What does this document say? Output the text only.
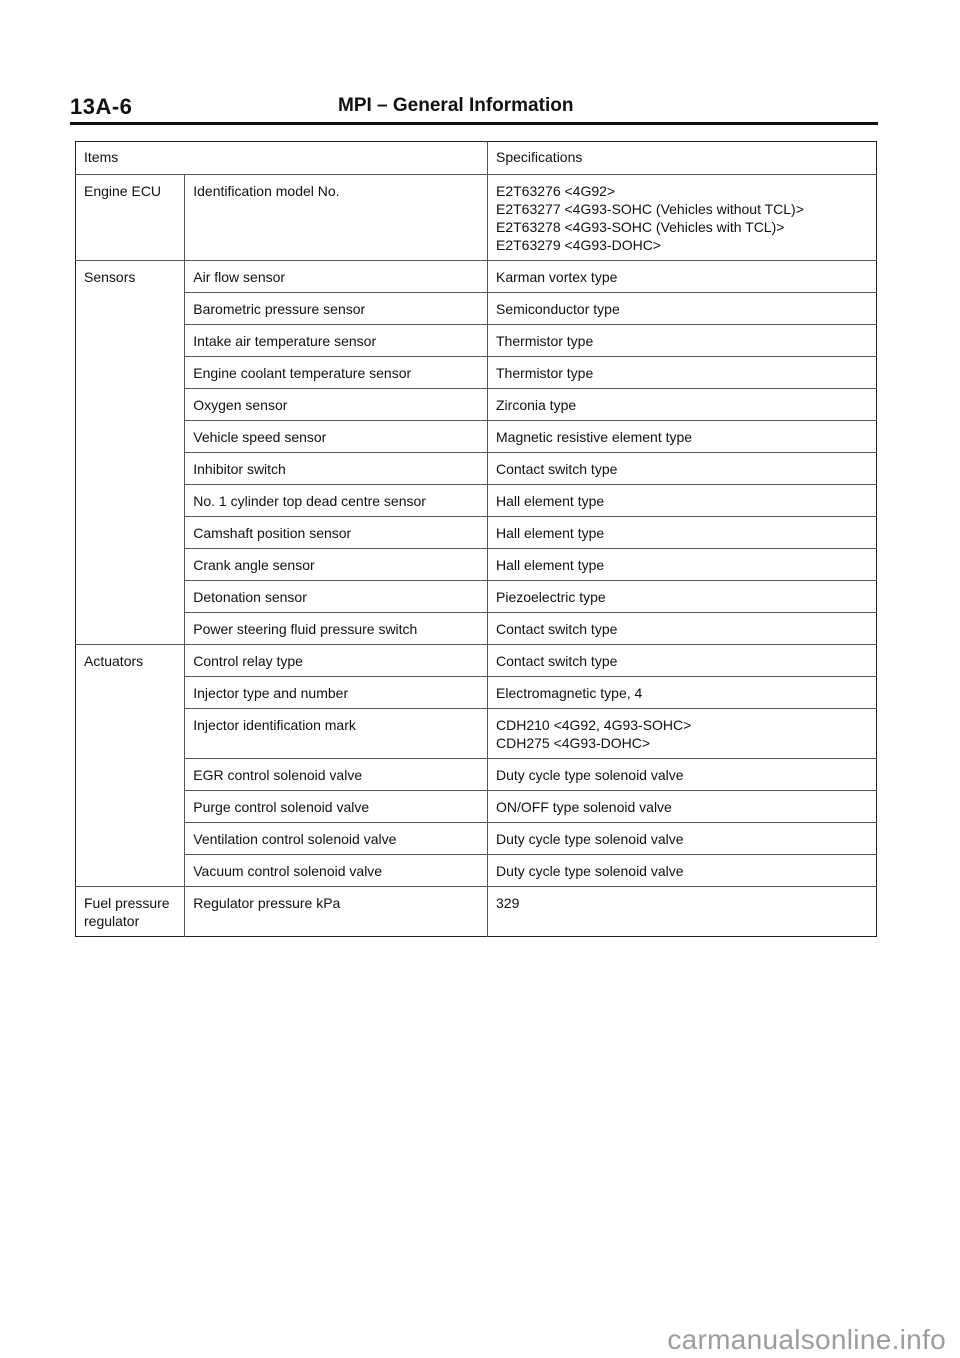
13A-6	MPI – General Information
Items		Specifications
Engine ECU	Identification model No.	E2T63276 <4G92>
E2T63277 <4G93-SOHC (Vehicles without TCL)>
E2T63278 <4G93-SOHC (Vehicles with TCL)>
E2T63279 <4G93-DOHC>
Sensors	Air flow sensor	Karman vortex type
	Barometric pressure sensor	Semiconductor type
	Intake air temperature sensor	Thermistor type
	Engine coolant temperature sensor	Thermistor type
	Oxygen sensor	Zirconia type
	Vehicle speed sensor	Magnetic resistive element type
	Inhibitor switch	Contact switch type
	No. 1 cylinder top dead centre sensor	Hall element type
	Camshaft position sensor	Hall element type
	Crank angle sensor	Hall element type
	Detonation sensor	Piezoelectric type
	Power steering fluid pressure switch	Contact switch type
Actuators	Control relay type	Contact switch type
	Injector type and number	Electromagnetic type, 4
	Injector identification mark	CDH210 <4G92, 4G93-SOHC>
CDH275 <4G93-DOHC>
	EGR control solenoid valve	Duty cycle type solenoid valve
	Purge control solenoid valve	ON/OFF type solenoid valve
	Ventilation control solenoid valve	Duty cycle type solenoid valve
	Vacuum control solenoid valve	Duty cycle type solenoid valve
Fuel pressure
regulator	Regulator pressure kPa	329
carmanualsonline.info
